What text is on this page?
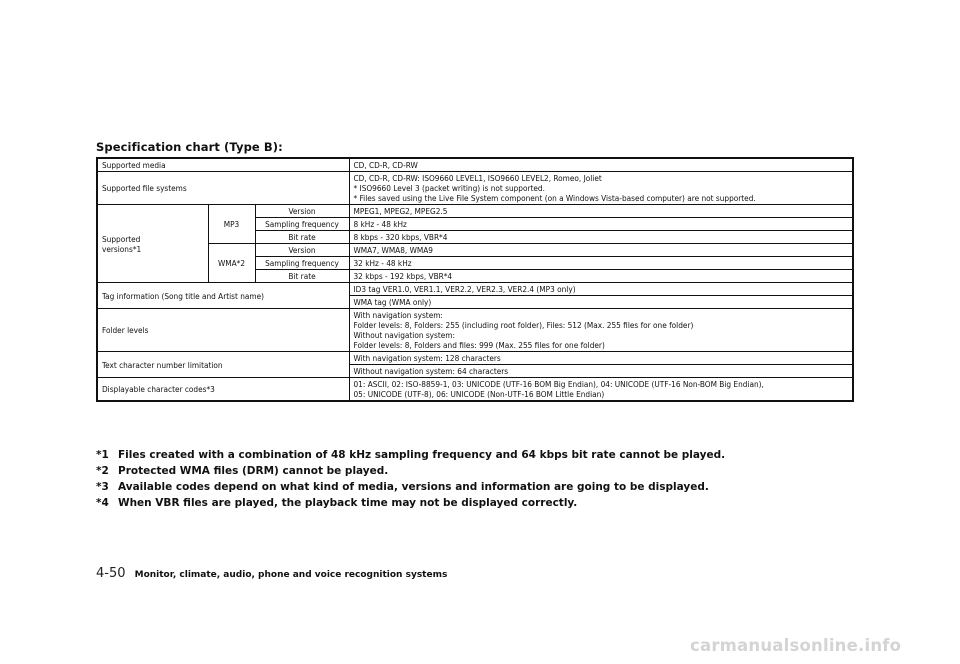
Specification chart (Type B):
Supported media			CD, CD-R, CD-RW
Supported file systems			CD, CD-R, CD-RW: ISO9660 LEVEL1, ISO9660 LEVEL2, Romeo, Joliet
* ISO9660 Level 3 (packet writing) is not supported.
* Files saved using the Live File System component (on a Windows Vista-based computer) are not supported.

Supported
versions*1	MP3	Version	MPEG1, MPEG2, MPEG2.5
		Sampling frequency	8 kHz - 48 kHz
		Bit rate	8 kbps - 320 kbps, VBR*4
	WMA*2	Version	WMA7, WMA8, WMA9
		Sampling frequency	32 kHz - 48 kHz
		Bit rate	32 kbps - 192 kbps, VBR*4
Tag information (Song title and Artist name)			ID3 tag VER1.0, VER1.1, VER2.2, VER2.3, VER2.4 (MP3 only)
			WMA tag (WMA only)
Folder levels			With navigation system:
Folder levels: 8, Folders: 255 (including root folder), Files: 512 (Max. 255 files for one folder)
Without navigation system:
Folder levels: 8, Folders and files: 999 (Max. 255 files for one folder)

Text character number limitation			With navigation system: 128 characters
			Without navigation system: 64 characters
Displayable character codes*3			01: ASCII, 02: ISO-8859-1, 03: UNICODE (UTF-16 BOM Big Endian), 04: UNICODE (UTF-16 Non-BOM Big Endian),
05: UNICODE (UTF-8), 06: UNICODE (Non-UTF-16 BOM Little Endian)
*1 Files created with a combination of 48 kHz sampling frequency and 64 kbps bit rate cannot be played.
*2 Protected WMA files (DRM) cannot be played.
*3 Available codes depend on what kind of media, versions and information are going to be displayed.
*4 When VBR files are played, the playback time may not be displayed correctly.
4-50 Monitor, climate, audio, phone and voice recognition systems
carmanualsonline.info
